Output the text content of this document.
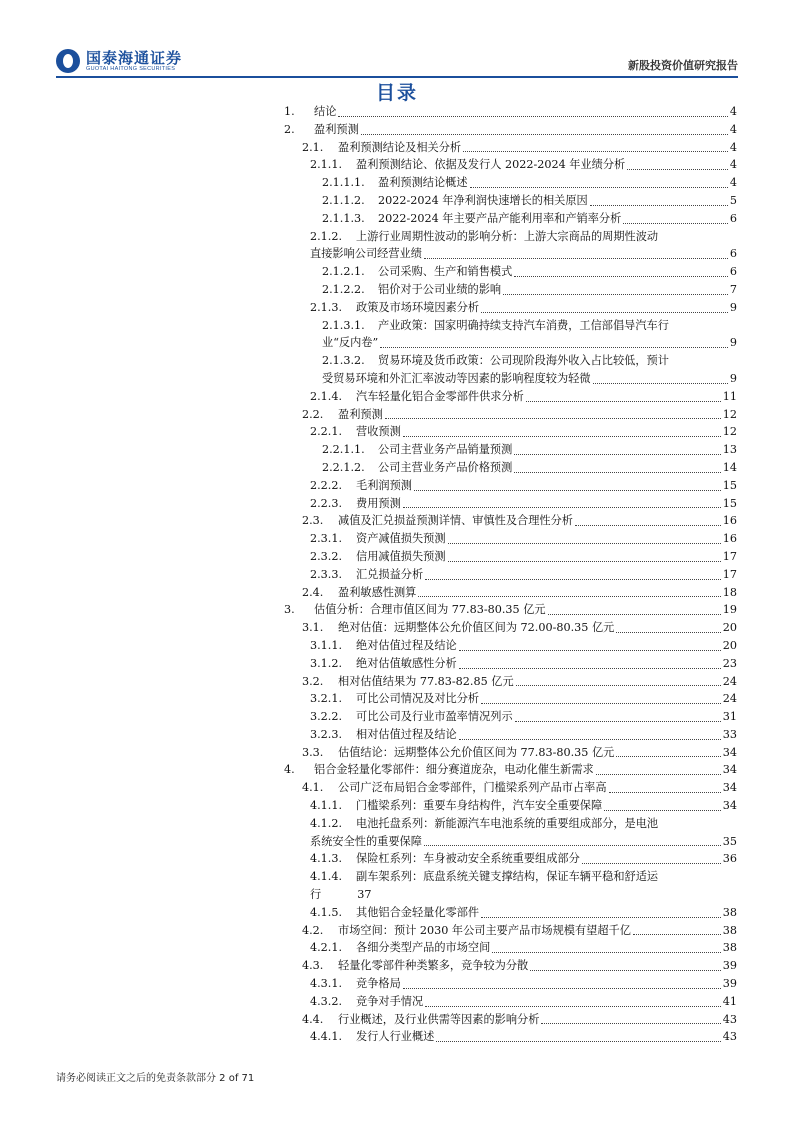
国泰海通证券
GUOTAI HAITONG SECURITIES	新股投资价值研究报告
目录
1.	结论	4
2.	盈利预测	4
2.1.	盈利预测结论及相关分析	4
2.1.1.	盈利预测结论、依据及发行人 2022-2024 年业绩分析	4
2.1.1.1.	盈利预测结论概述	4
2.1.1.2.	2022-2024 年净利润快速增长的相关原因	5
2.1.1.3.	2022-2024 年主要产品产能利用率和产销率分析	6
2.1.2.	上游行业周期性波动的影响分析：上游大宗商品的周期性波动
直接影响公司经营业绩	6
2.1.2.1.	公司采购、生产和销售模式	6
2.1.2.2.	铝价对于公司业绩的影响	7
2.1.3.	政策及市场环境因素分析	9
2.1.3.1.	产业政策：国家明确持续支持汽车消费，工信部倡导汽车行
业“反内卷”	9
2.1.3.2.	贸易环境及货币政策：公司现阶段海外收入占比较低，预计
受贸易环境和外汇汇率波动等因素的影响程度较为轻微	9
2.1.4.	汽车轻量化铝合金零部件供求分析	11
2.2.	盈利预测	12
2.2.1.	营收预测	12
2.2.1.1.	公司主营业务产品销量预测	13
2.2.1.2.	公司主营业务产品价格预测	14
2.2.2.	毛利润预测	15
2.2.3.	费用预测	15
2.3.	减值及汇兑损益预测详情、审慎性及合理性分析	16
2.3.1.	资产减值损失预测	16
2.3.2.	信用减值损失预测	17
2.3.3.	汇兑损益分析	17
2.4.	盈利敏感性测算	18
3.	估值分析：合理市值区间为 77.83-80.35 亿元	19
3.1.	绝对估值：远期整体公允价值区间为 72.00-80.35 亿元	20
3.1.1.	绝对估值过程及结论	20
3.1.2.	绝对估值敏感性分析	23
3.2.	相对估值结果为 77.83-82.85 亿元	24
3.2.1.	可比公司情况及对比分析	24
3.2.2.	可比公司及行业市盈率情况列示	31
3.2.3.	相对估值过程及结论	33
3.3.	估值结论：远期整体公允价值区间为 77.83-80.35 亿元	34
4.	铝合金轻量化零部件：细分赛道庞杂，电动化催生新需求	34
4.1.	公司广泛布局铝合金零部件，门槛梁系列产品市占率高	34
4.1.1.	门槛梁系列：重要车身结构件，汽车安全重要保障	34
4.1.2.	电池托盘系列：新能源汽车电池系统的重要组成部分，是电池
系统安全性的重要保障	35
4.1.3.	保险杠系列：车身被动安全系统重要组成部分	36
4.1.4.	副车架系列：底盘系统关键支撑结构，保证车辆平稳和舒适运
行	37
4.1.5.	其他铝合金轻量化零部件	38
4.2.	市场空间：预计 2030 年公司主要产品市场规模有望超千亿	38
4.2.1.	各细分类型产品的市场空间	38
4.3.	轻量化零部件种类繁多，竞争较为分散	39
4.3.1.	竞争格局	39
4.3.2.	竞争对手情况	41
4.4.	行业概述，及行业供需等因素的影响分析	43
4.4.1.	发行人行业概述	43
请务必阅读正文之后的免责条款部分 2 of 71
